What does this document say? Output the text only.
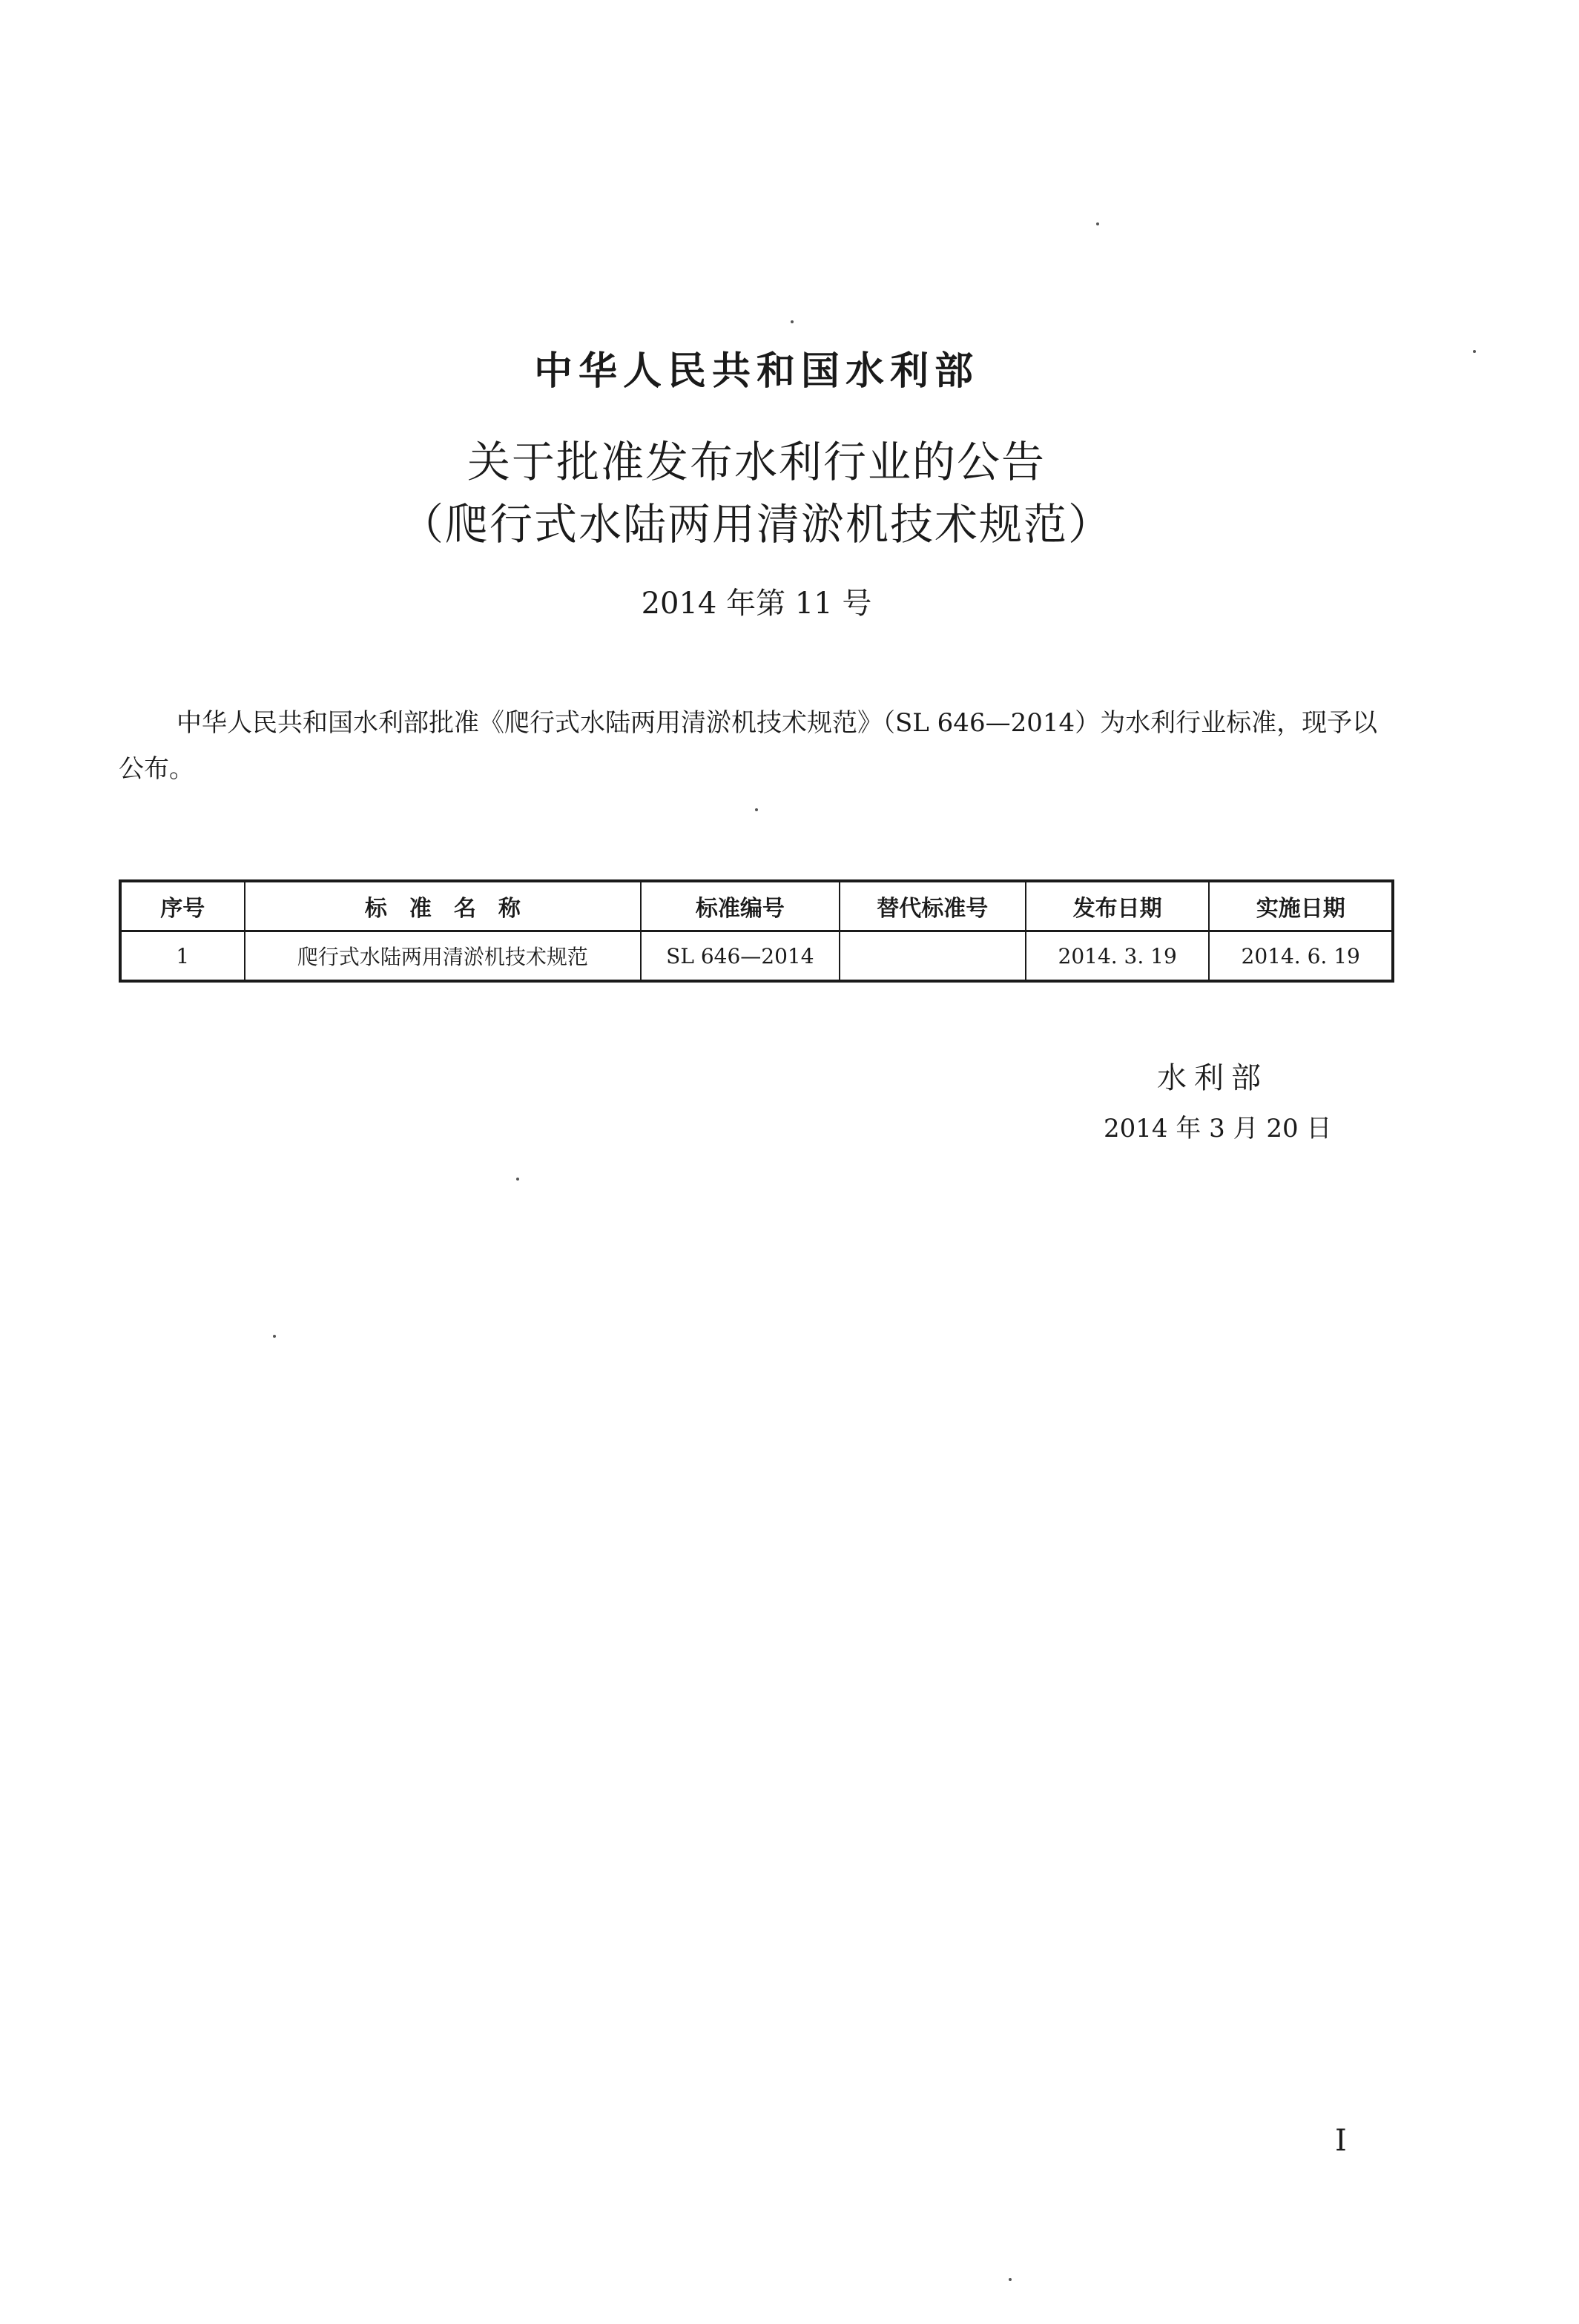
中华人民共和国水利部
关于批准发布水利行业的公告
（爬行式水陆两用清淤机技术规范）
2014 年第 11 号
中华人民共和国水利部批准《爬行式水陆两用清淤机技术规范》（SL 646—2014）为水利行业标准，现予以公布。
序号	标　准　名　称	标准编号	替代标准号	发布日期	实施日期
1	爬行式水陆两用清淤机技术规范	SL 646—2014		2014. 3. 19	2014. 6. 19
水利部
2014 年 3 月 20 日
I
